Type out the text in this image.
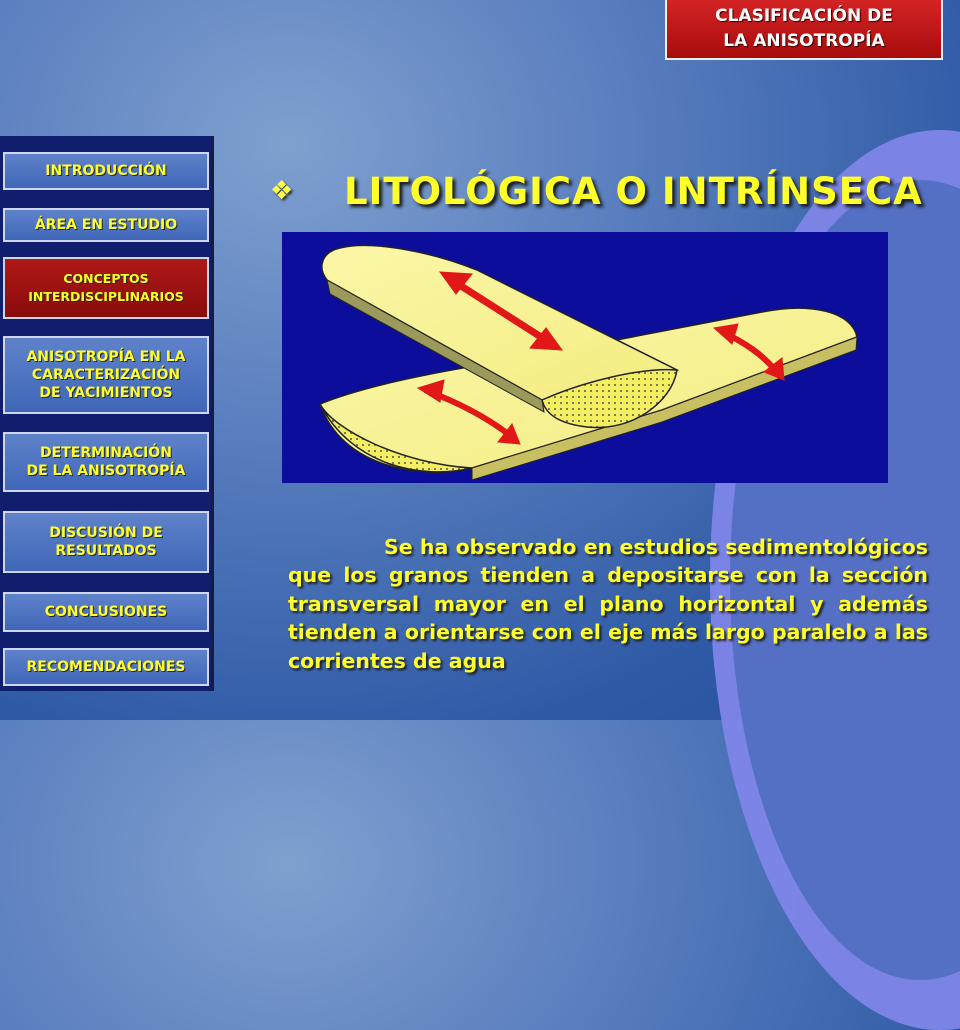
CLASIFICACIÓN DE
LA ANISOTROPÍA
INTRODUCCIÓN
ÁREA EN ESTUDIO
CONCEPTOS
INTERDISCIPLINARIOS
ANISOTROPÍA EN LA
CARACTERIZACIÓN
DE YACIMIENTOS
DETERMINACIÓN
DE LA ANISOTROPÍA
DISCUSIÓN DE
RESULTADOS
CONCLUSIONES
RECOMENDACIONES
❖	LITOLÓGICA O INTRÍNSECA

Se ha observado en estudios sedimentológicos que los granos tienden a depositarse con la sección transversal mayor en el plano horizontal y además tienden a orientarse con el eje más largo paralelo a las corrientes de agua
